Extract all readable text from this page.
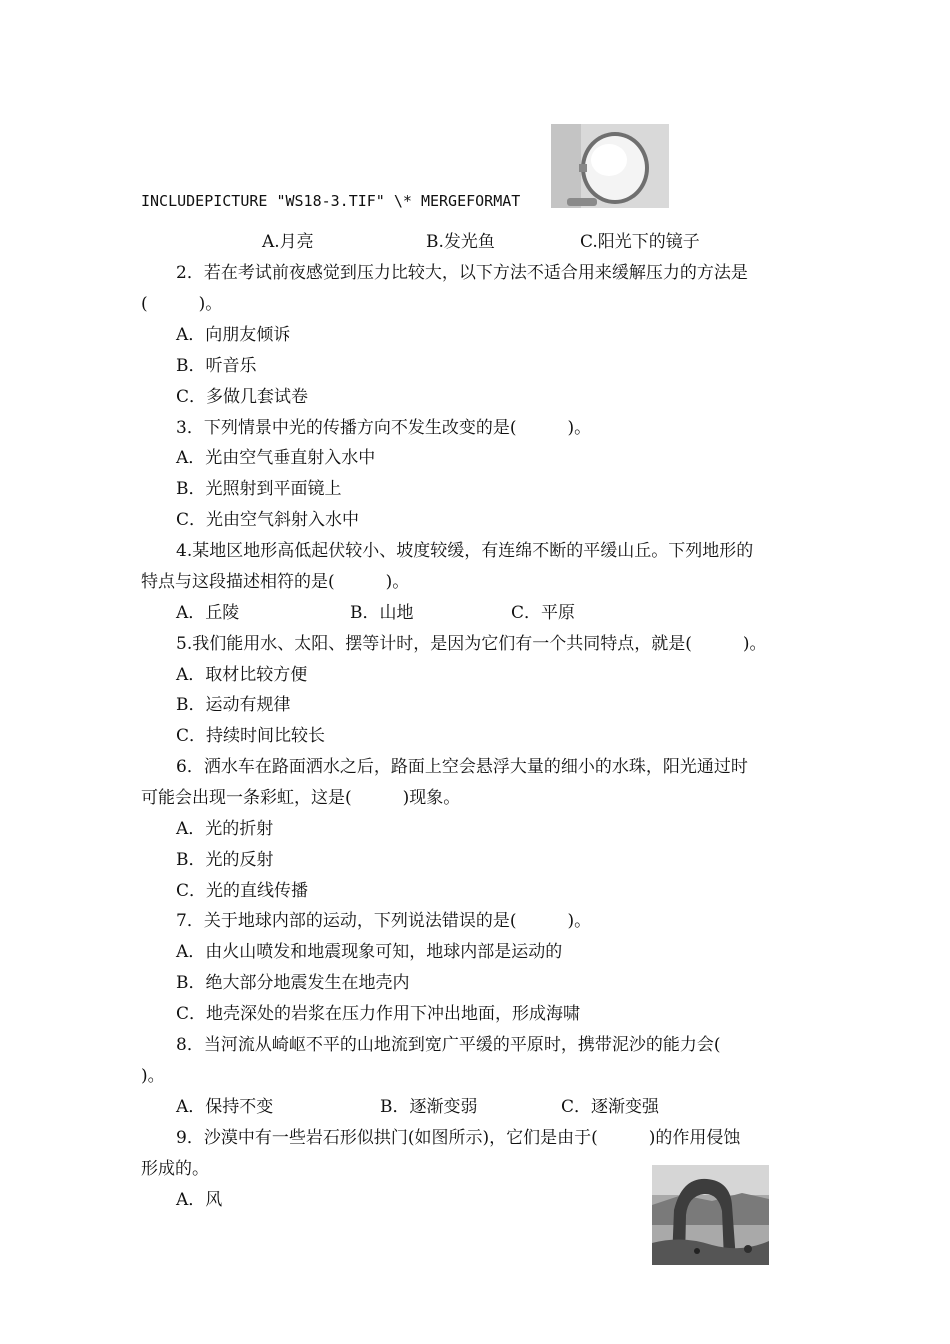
INCLUDEPICTURE "WS18-3.TIF" \* MERGEFORMAT
A.月亮	B.发光鱼	C.阳光下的镜子
2．若在考试前夜感觉到压力比较大，以下方法不适合用来缓解压力的方法是
(　　　)。
A．向朋友倾诉
B．听音乐
C．多做几套试卷
3．下列情景中光的传播方向不发生改变的是(　　　)。
A．光由空气垂直射入水中
B．光照射到平面镜上
C．光由空气斜射入水中
4.某地区地形高低起伏较小、坡度较缓，有连绵不断的平缓山丘。下列地形的
特点与这段描述相符的是(　　　)。
A．丘陵	B．山地	C．平原
5.我们能用水、太阳、摆等计时，是因为它们有一个共同特点，就是(　　　)。
A．取材比较方便
B．运动有规律
C．持续时间比较长
6．洒水车在路面洒水之后，路面上空会悬浮大量的细小的水珠，阳光通过时
可能会出现一条彩虹，这是(　　　)现象。
A．光的折射
B．光的反射
C．光的直线传播
7．关于地球内部的运动，下列说法错误的是(　　　)。
A．由火山喷发和地震现象可知，地球内部是运动的
B．绝大部分地震发生在地壳内
C．地壳深处的岩浆在压力作用下冲出地面，形成海啸
8．当河流从崎岖不平的山地流到宽广平缓的平原时，携带泥沙的能力会(
)。
A．保持不变	B．逐渐变弱	C．逐渐变强
9．沙漠中有一些岩石形似拱门(如图所示)，它们是由于(　　　)的作用侵蚀
形成的。
A．风
